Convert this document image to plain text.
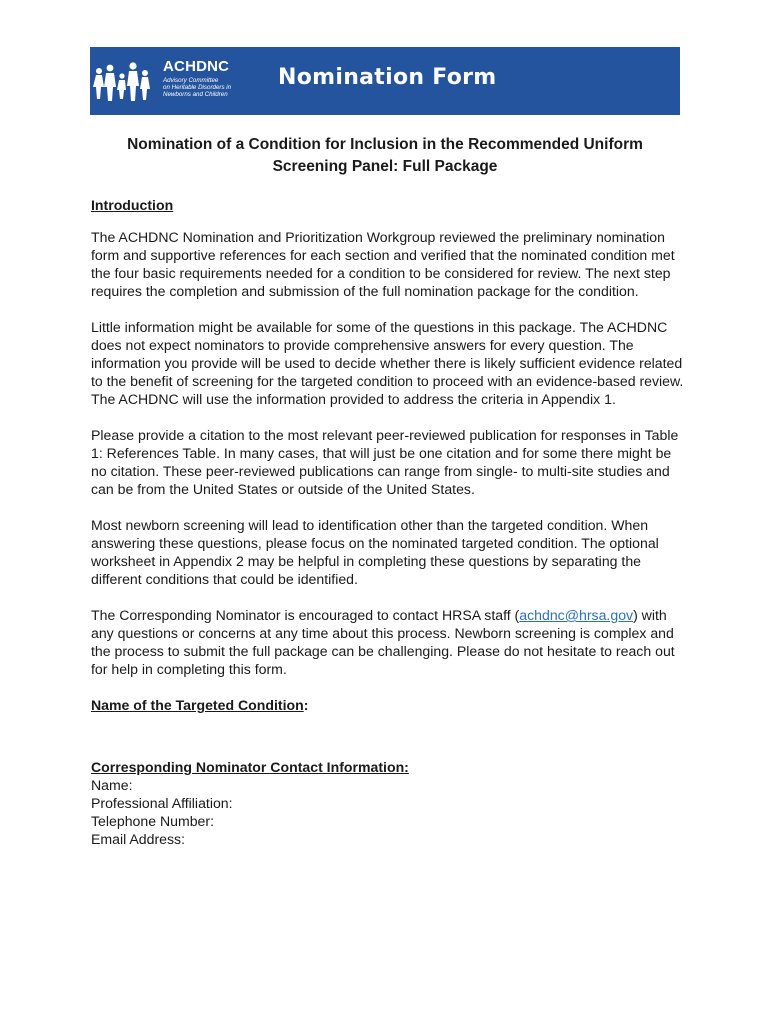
ACHDNC
Advisory Committee
on Heritable Disorders in
Newborns and Children
Nomination Form
Nomination of a Condition for Inclusion in the Recommended Uniform
Screening Panel: Full Package
Introduction

The ACHDNC Nomination and Prioritization Workgroup reviewed the preliminary nomination form and supportive references for each section and verified that the nominated condition met the four basic requirements needed for a condition to be considered for review. The next step requires the completion and submission of the full nomination package for the condition.

Little information might be available for some of the questions in this package. The ACHDNC does not expect nominators to provide comprehensive answers for every question. The information you provide will be used to decide whether there is likely sufficient evidence related to the benefit of screening for the targeted condition to proceed with an evidence-based review. The ACHDNC will use the information provided to address the criteria in Appendix 1.

Please provide a citation to the most relevant peer-reviewed publication for responses in Table 1: References Table. In many cases, that will just be one citation and for some there might be no citation. These peer-reviewed publications can range from single- to multi-site studies and can be from the United States or outside of the United States.

Most newborn screening will lead to identification other than the targeted condition. When answering these questions, please focus on the nominated targeted condition. The optional worksheet in Appendix 2 may be helpful in completing these questions by separating the different conditions that could be identified.

The Corresponding Nominator is encouraged to contact HRSA staff (achdnc@hrsa.gov) with any questions or concerns at any time about this process. Newborn screening is complex and the process to submit the full package can be challenging. Please do not hesitate to reach out for help in completing this form.

Name of the Targeted Condition:
Corresponding Nominator Contact Information:
Name:
Professional Affiliation:
Telephone Number:
Email Address:
